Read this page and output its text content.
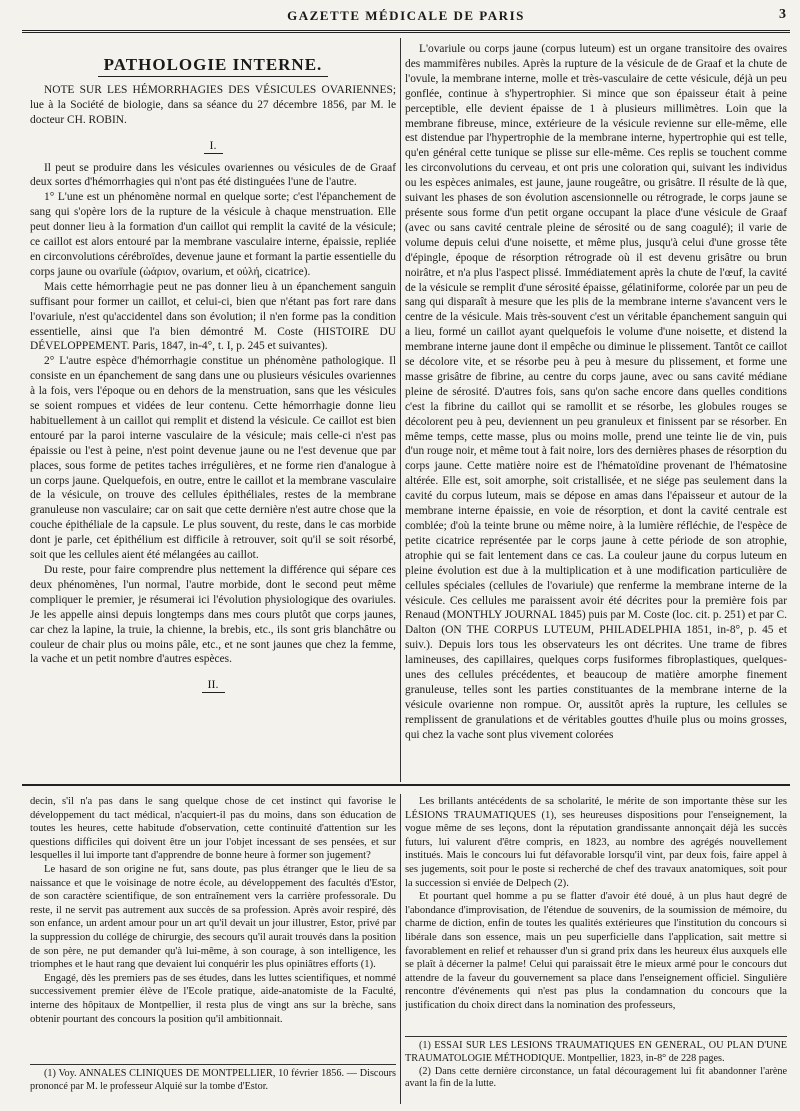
GAZETTE MÉDICALE DE PARIS	3
PATHOLOGIE INTERNE.

NOTE SUR LES HÉMORRHAGIES DES VÉSICULES OVARIENNES; lue à la Société de biologie, dans sa séance du 27 décembre 1856, par M. le docteur CH. ROBIN.

I.

Il peut se produire dans les vésicules ovariennes ou vésicules de de Graaf deux sortes d'hémorrhagies qui n'ont pas été distinguées l'une de l'autre.

1° L'une est un phénomène normal en quelque sorte; c'est l'épanchement de sang qui s'opère lors de la rupture de la vésicule à chaque menstruation. Elle peut donner lieu à la formation d'un caillot qui remplit la cavité de la vésicule; ce caillot est alors entouré par la membrane vasculaire interne, épaissie, repliée en circonvolutions cérébroïdes, devenue jaune et formant la partie essentielle du corps jaune ou ovarïule (ὠάριον, ovarium, et οὐλή, cicatrice).

Mais cette hémorrhagie peut ne pas donner lieu à un épanchement sanguin suffisant pour former un caillot, et celui-ci, bien que n'étant pas fort rare dans l'ovariule, n'est qu'accidentel dans son évolution; il n'en forme pas la condition essentielle, ainsi que l'a bien démontré M. Coste (HISTOIRE DU DÉVELOPPEMENT. Paris, 1847, in-4°, t. I, p. 245 et suivantes).

2° L'autre espèce d'hémorrhagie constitue un phénomène pathologique. Il consiste en un épanchement de sang dans une ou plusieurs vésicules ovariennes à la fois, vers l'époque ou en dehors de la menstruation, sans que les vésicules se soient rompues et vidées de leur contenu. Cette hémorrhagie donne lieu habituellement à un caillot qui remplit et distend la vésicule. Ce caillot est bien entouré par la paroi interne vasculaire de la vésicule; mais celle-ci n'est pas épaissie ou l'est à peine, n'est point devenue jaune ou ne l'est devenue que par places, sous forme de petites taches irrégulières, et ne forme rien d'analogue à un corps jaune. Quelquefois, en outre, entre le caillot et la membrane vasculaire de la vésicule, on trouve des cellules épithéliales, restes de la membrane granuleuse non vasculaire; car on sait que cette dernière n'est autre chose que la couche épithéliale de la capsule. Le plus souvent, du reste, dans le cas morbide dont je parle, cet épithélium est difficile à retrouver, soit qu'il se soit résorbé, soit que les cellules aient été mélangées au caillot.

Du reste, pour faire comprendre plus nettement la différence qui sépare ces deux phénomènes, l'un normal, l'autre morbide, dont le second peut même compliquer le premier, je résumerai ici l'évolution physiologique des ovariules. Je les appelle ainsi depuis longtemps dans mes cours plutôt que corps jaunes, car chez la lapine, la truie, la chienne, la brebis, etc., ils sont gris blanchâtre ou couleur de chair plus ou moins pâle, etc., et ne sont jaunes que chez la femme, la vache et un petit nombre d'autres espèces.

II.

L'ovariule ou corps jaune (corpus luteum) est un organe transitoire des ovaires des mammifères nubiles. Après la rupture de la vésicule de de Graaf et la chute de l'ovule, la membrane interne, molle et très-vasculaire de cette vésicule, déjà un peu gonflée, continue à s'hypertrophier. Si mince que son épaisseur était à peine perceptible, elle devient épaisse de 1 à plusieurs millimètres. Loin que la membrane fibreuse, mince, extérieure de la vésicule revienne sur elle-même, elle est distendue par l'hypertrophie de la membrane interne, hypertrophie qui est telle, qu'en général cette tunique se plisse sur elle-même. Ces replis se touchent comme les circonvolutions du cerveau, et ont pris une coloration qui, suivant les individus ou les espèces animales, est jaune, jaune rougeâtre, ou grisâtre. Il résulte de là que, suivant les phases de son évolution ascensionnelle ou rétrograde, le corps jaune se présente sous forme d'un petit organe occupant la place d'une vésicule de Graaf (avec ou sans cavité centrale pleine de sérosité ou de sang coagulé); il varie de volume depuis celui d'une noisette, et même plus, jusqu'à celui d'une grosse tête d'épingle, époque de résorption rétrograde où il est devenu grisâtre ou brun noirâtre, et n'a plus l'aspect plissé. Immédiatement après la chute de l'œuf, la cavité de la vésicule se remplit d'une sérosité épaisse, gélatiniforme, colorée par un peu de sang qui disparaît à mesure que les plis de la membrane interne s'avancent vers le centre de la vésicule. Mais très-souvent c'est un véritable épanchement sanguin qui a lieu, formé un caillot ayant quelquefois le volume d'une noisette, et distend la membrane interne jaune dont il empêche ou diminue le plissement. Tantôt ce caillot se décolore vite, et se résorbe peu à peu à mesure du plissement, et forme une masse grisâtre de fibrine, au centre du corps jaune, avec ou sans cavité médiane pleine de sérosité. D'autres fois, sans qu'on sache encore dans quelles conditions c'est la fibrine du caillot qui se ramollit et se résorbe, les globules rouges se décolorent peu à peu, deviennent un peu granuleux et finissent par se résorber. En même temps, cette masse, plus ou moins molle, prend une teinte lie de vin, puis d'un rouge noir, et même tout à fait noire, lors des dernières phases de résorption du corps jaune. Cette matière noire est de l'hématoïdine provenant de l'hématosine altérée. Elle est, soit amorphe, soit cristallisée, et ne siége pas seulement dans la cavité du corpus luteum, mais se dépose en amas dans l'épaisseur et autour de la membrane interne épaissie, en voie de résorption, et dont la cavité centrale est comblée; d'où la teinte brune ou même noire, à la lumière réfléchie, de l'espèce de petite cicatrice représentée par le corps jaune à cette période de son atrophie, atrophie qui se fait lentement dans ce cas. La couleur jaune du corpus luteum en pleine évolution est due à la multiplication et à une modification particulière de cellules spéciales (cellules de l'ovariule) que renferme la membrane interne de la vésicule. Ces cellules me paraissent avoir été décrites pour la première fois par Renaud (MONTHLY JOURNAL 1845) puis par M. Coste (loc. cit. p. 251) et par C. Dalton (ON THE CORPUS LUTEUM, PHILADELPHIA 1851, in-8°, p. 45 et suiv.). Depuis lors tous les observateurs les ont décrites. Une trame de fibres lamineuses, des capillaires, quelques corps fusiformes fibroplastiques, quelques-unes des cellules précédentes, et beaucoup de matière amorphe finement granuleuse, telles sont les parties constituantes de la membrane interne de la vésicule ovarienne non rompue. Or, aussitôt après la rupture, les cellules se remplissent de granulations et de véritables gouttes d'huile plus ou moins grosses, qui chez la vache sont plus vivement colorées

decin, s'il n'a pas dans le sang quelque chose de cet instinct qui favorise le développement du tact médical, n'acquiert-il pas du moins, dans son éducation de toutes les heures, cette habitude d'observation, cette continuité d'attention sur les questions difficiles qui doivent être un jour l'objet incessant de ses pensées, et sur lesquelles il lui importe tant d'apprendre de bonne heure à former son jugement?

Le hasard de son origine ne fut, sans doute, pas plus étranger que le lieu de sa naissance et que le voisinage de notre école, au développement des facultés d'Estor, de son caractère scientifique, de son entraînement vers la carrière professorale. Du reste, il ne servit pas autrement aux succès de sa profession. Après avoir respiré, dès son enfance, un ardent amour pour un art qu'il devait un jour illustrer, Estor, privé par la suppression du collége de chirurgie, des secours qu'il aurait trouvés dans la position de son père, ne put demander qu'à lui-même, à son courage, à son intelligence, les triomphes et le haut rang que devaient lui conquérir les plus opiniâtres efforts (1).

Engagé, dès les premiers pas de ses études, dans les luttes scientifiques, et nommé successivement premier élève de l'Ecole pratique, aide-anatomiste de la Faculté, interne des hôpitaux de Montpellier, il resta plus de vingt ans sur la brèche, sans obtenir pourtant des concours la position qu'il ambitionnait.

Les brillants antécédents de sa scholarité, le mérite de son importante thèse sur les LÉSIONS TRAUMATIQUES (1), ses heureuses dispositions pour l'enseignement, la vogue même de ses leçons, dont la réputation grandissante annonçait déjà les succès futurs, lui valurent d'être compris, en 1823, au nombre des agrégés nouvellement institués. Mais le concours lui fut défavorable lorsqu'il vint, par deux fois, faire appel à ses jugements, soit pour le poste si recherché de chef des travaux anatomiques, soit pour la succession si enviée de Delpech (2).

Et pourtant quel homme a pu se flatter d'avoir été doué, à un plus haut degré de l'abondance d'improvisation, de l'étendue de souvenirs, de la soumission de mémoire, du charme de diction, enfin de toutes les qualités extérieures que l'institution du concours si libérale dans son essence, mais un peu superficielle dans l'application, sait mettre si favorablement en relief et rehausser d'un si grand prix dans les heureux élus auxquels elle se plaît à décerner la palme! Celui qui paraissait être le mieux armé pour le concours dut attendre de la faveur du gouvernement sa place dans l'enseignement officiel. Singulière rencontre d'événements qui n'est pas plus la condamnation du concours que la justification du choix direct dans la nomination des professeurs,

(1) Voy. ANNALES CLINIQUES DE MONTPELLIER, 10 février 1856. — Discours prononcé par M. le professeur Alquié sur la tombe d'Estor.

(1) ESSAI SUR LES LÉSIONS TRAUMATIQUES EN GÉNÉRAL, OU PLAN D'UNE TRAUMATOLOGIE MÉTHODIQUE. Montpellier, 1823, in-8° de 228 pages.

(2) Dans cette dernière circonstance, un fatal découragement lui fit abandonner l'arène avant la fin de la lutte.
